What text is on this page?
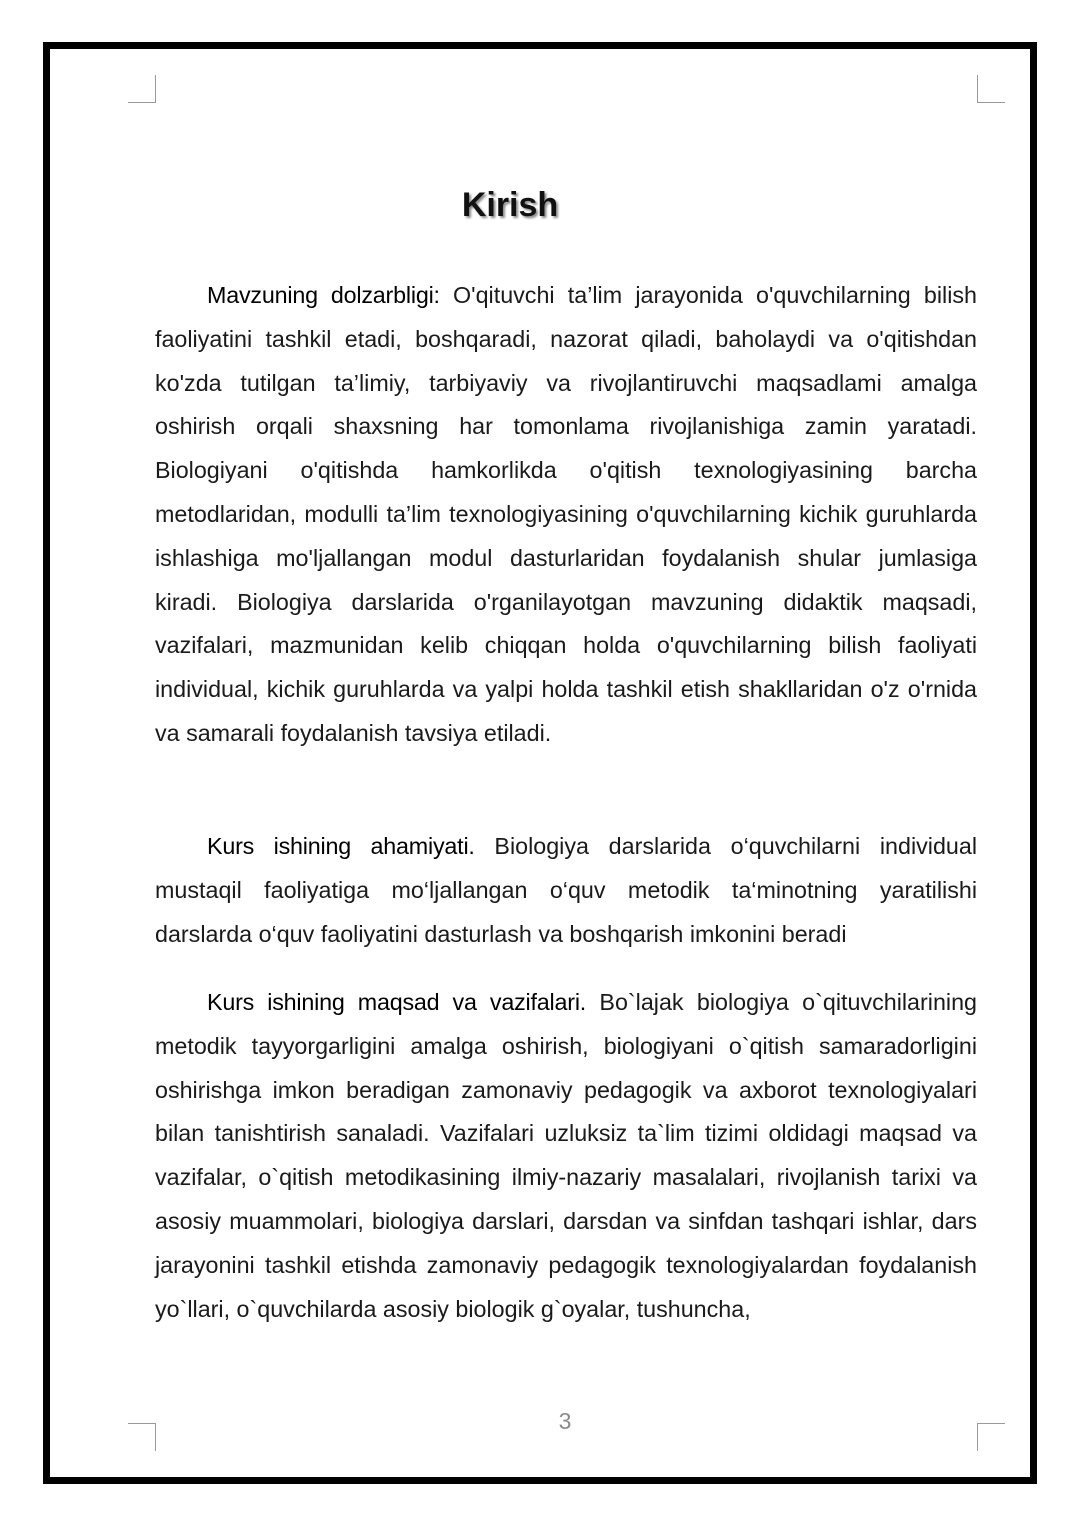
Kirish

Mavzuning dolzarbligi: O'qituvchi ta’lim jarayonida o'quvchilarning bilish faoliyatini tashkil etadi, boshqaradi, nazorat qiladi, baholaydi va o'qitishdan ko'zda tutilgan ta’limiy, tarbiyaviy va rivojlantiruvchi maqsadlami amalga oshirish orqali shaxsning har tomonlama rivojlanishiga zamin yaratadi. Biologiyani o'qitishda hamkorlikda o'qitish texnologiyasining barcha metodlaridan, modulli ta’lim texnologiyasining o'quvchilarning kichik guruhlarda ishlashiga mo'ljallangan modul dasturlaridan foydalanish shular jumlasiga kiradi. Biologiya darslarida o'rganilayotgan mavzuning didaktik maqsadi, vazifalari, mazmunidan kelib chiqqan holda o'quvchilarning bilish faoliyati individual, kichik guruhlarda va yalpi holda tashkil etish shakllaridan o'z o'rnida va samarali foydalanish tavsiya etiladi.

Kurs ishining ahamiyati. Biologiya darslarida o‘quvchilarni individual mustaqil faoliyatiga mo‘ljallangan o‘quv metodik ta‘minotning yaratilishi darslarda o‘quv faoliyatini dasturlash va boshqarish imkonini beradi

Kurs ishining maqsad va vazifalari. Bo`lajak biologiya o`qituvchilarining metodik tayyorgarligini amalga oshirish, biologiyani o`qitish samaradorligini oshirishga imkon beradigan zamonaviy pedagogik va axborot texnologiyalari bilan tanishtirish sanaladi. Vazifalari uzluksiz ta`lim tizimi oldidagi maqsad va vazifalar, o`qitish metodikasining ilmiy-nazariy masalalari, rivojlanish tarixi va asosiy muammolari, biologiya darslari, darsdan va sinfdan tashqari ishlar, dars jarayonini tashkil etishda zamonaviy pedagogik texnologiyalardan foydalanish yo`llari, o`quvchilarda asosiy biologik g`oyalar, tushuncha,

3
